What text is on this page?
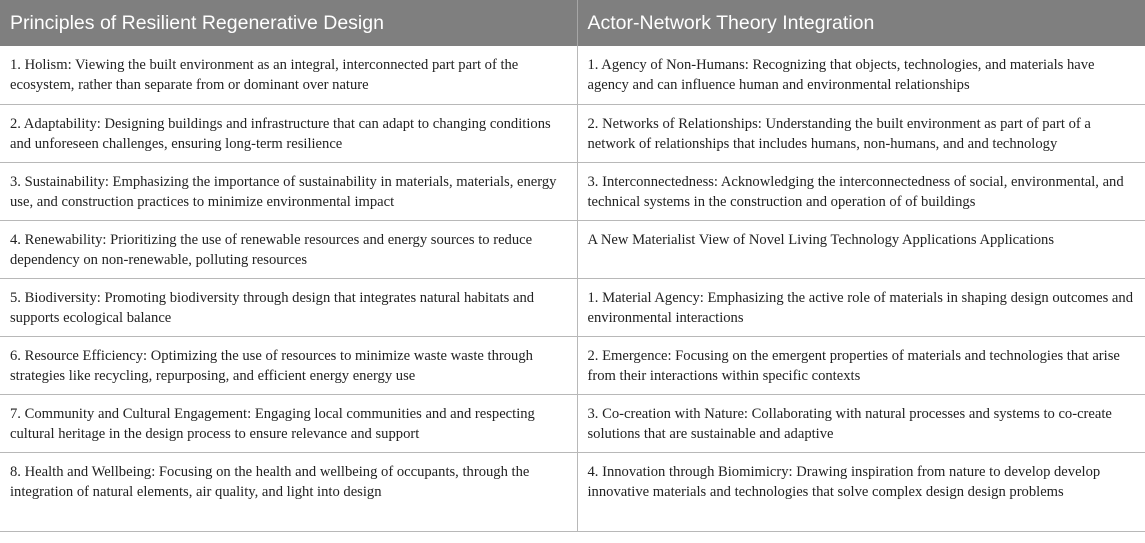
Principles of Resilient Regenerative Design	Actor-Network Theory Integration
1. Holism: Viewing the built environment as an integral, interconnected part part of the ecosystem, rather than separate from or dominant over nature	1. Agency of Non-Humans: Recognizing that objects, technologies, and materials have agency and can influence human and environmental relationships
2. Adaptability: Designing buildings and infrastructure that can adapt to changing conditions and unforeseen challenges, ensuring long-term resilience	2. Networks of Relationships: Understanding the built environment as part of part of a network of relationships that includes humans, non-humans, and and technology
3. Sustainability: Emphasizing the importance of sustainability in materials, materials, energy use, and construction practices to minimize environmental impact	3. Interconnectedness: Acknowledging the interconnectedness of social, environmental, and technical systems in the construction and operation of of buildings
4. Renewability: Prioritizing the use of renewable resources and energy sources to reduce dependency on non-renewable, polluting resources	A New Materialist View of Novel Living Technology Applications Applications
5. Biodiversity: Promoting biodiversity through design that integrates natural habitats and supports ecological balance	1. Material Agency: Emphasizing the active role of materials in shaping design outcomes and environmental interactions
6. Resource Efficiency: Optimizing the use of resources to minimize waste waste through strategies like recycling, repurposing, and efficient energy energy use	2. Emergence: Focusing on the emergent properties of materials and technologies that arise from their interactions within specific contexts
7. Community and Cultural Engagement: Engaging local communities and and respecting cultural heritage in the design process to ensure relevance and support	3. Co-creation with Nature: Collaborating with natural processes and systems to co-create solutions that are sustainable and adaptive
8. Health and Wellbeing: Focusing on the health and wellbeing of occupants, through the integration of natural elements, air quality, and light into design	4. Innovation through Biomimicry: Drawing inspiration from nature to develop develop innovative materials and technologies that solve complex design design problems
